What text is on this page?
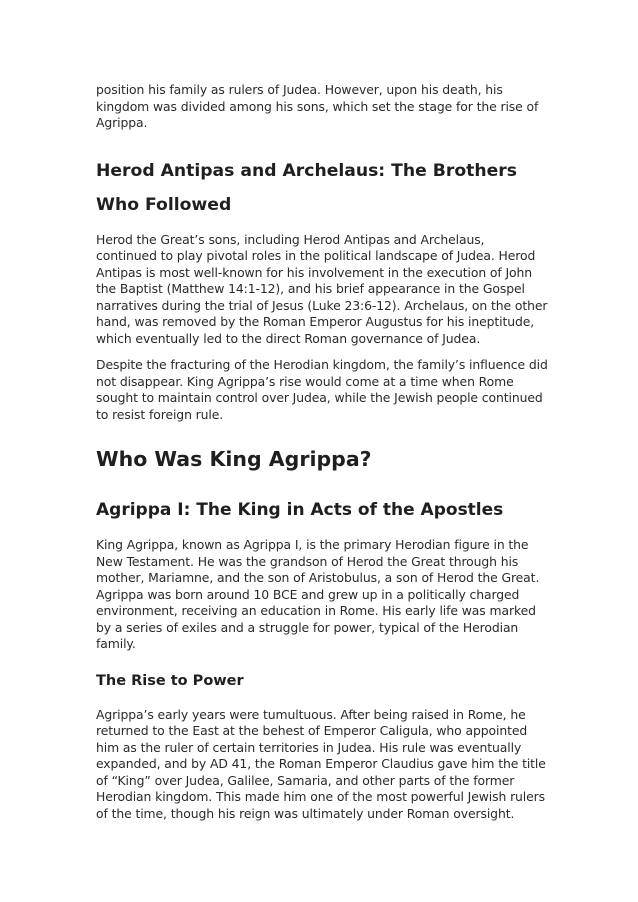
position his family as rulers of Judea. However, upon his death, his kingdom was divided among his sons, which set the stage for the rise of Agrippa.

Herod Antipas and Archelaus: The Brothers Who Followed

Herod the Great’s sons, including Herod Antipas and Archelaus, continued to play pivotal roles in the political landscape of Judea. Herod Antipas is most well-known for his involvement in the execution of John the Baptist (Matthew 14:1-12), and his brief appearance in the Gospel narratives during the trial of Jesus (Luke 23:6-12). Archelaus, on the other hand, was removed by the Roman Emperor Augustus for his ineptitude, which eventually led to the direct Roman governance of Judea.

Despite the fracturing of the Herodian kingdom, the family’s influence did not disappear. King Agrippa’s rise would come at a time when Rome sought to maintain control over Judea, while the Jewish people continued to resist foreign rule.

Who Was King Agrippa?
Agrippa I: The King in Acts of the Apostles

King Agrippa, known as Agrippa I, is the primary Herodian figure in the New Testament. He was the grandson of Herod the Great through his mother, Mariamne, and the son of Aristobulus, a son of Herod the Great. Agrippa was born around 10 BCE and grew up in a politically charged environment, receiving an education in Rome. His early life was marked by a series of exiles and a struggle for power, typical of the Herodian family.

The Rise to Power

Agrippa’s early years were tumultuous. After being raised in Rome, he returned to the East at the behest of Emperor Caligula, who appointed him as the ruler of certain territories in Judea. His rule was eventually expanded, and by AD 41, the Roman Emperor Claudius gave him the title of “King” over Judea, Galilee, Samaria, and other parts of the former Herodian kingdom. This made him one of the most powerful Jewish rulers of the time, though his reign was ultimately under Roman oversight.
